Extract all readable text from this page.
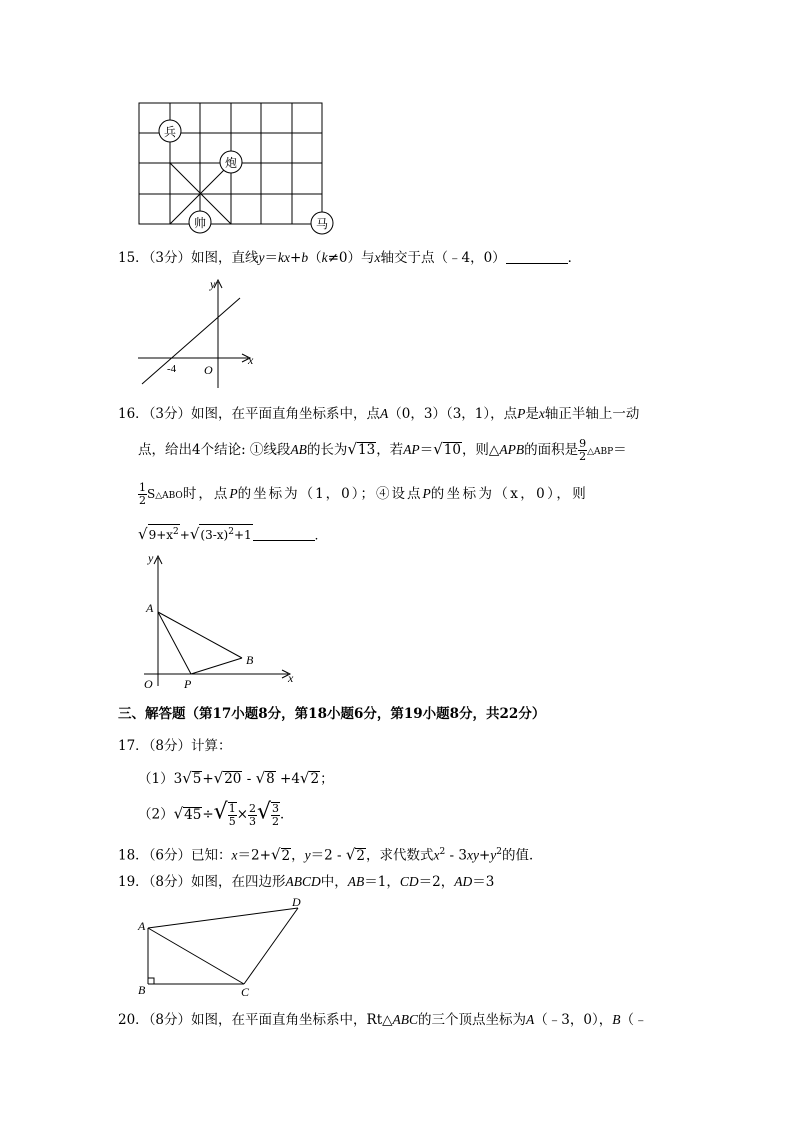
兵
炮
帅	马
15．（3分）如图，直线y＝kx+b（k≠0）与x轴交于点（﹣4，0）	．
y
x
-4 O
16．（3分）如图，在平面直角坐标系中，点A（0，3）（3，1），点P是x轴正半轴上一动
点，给出4个结论: ①线段AB的长为√13，若AP＝√10，则△APB的面积是 $\frac{9}{2}$ △ABP＝
$\frac{1}{2}$ S△ABO时，点P的坐标为（1，0）；④设点P的坐标为（x，0），则
$√9+x^2+√(3-x)^2+1$	．
y
A
B
O	P	x
三、解答题（第17小题8分，第18小题6分，第19小题8分，共22分）
17．（8分）计算：
（1）3√5+√20 - √8 +4√2；
$(2)√45\div√ \frac{1}{5} \times \frac{2}{3}$ √ $\frac{3}{2}$ ．
18．（6分）已知：x＝2+√2，y＝2 - √2，求代数式$x^2 - 3xy+y^2$的值．
19．（8分）如图，在四边形ABCD中，AB＝1，CD＝2，AD＝3
A
B	C
D
20．（8分）如图，在平面直角坐标系中，Rt△ABC的三个顶点坐标为A（﹣3，0），B（﹣
